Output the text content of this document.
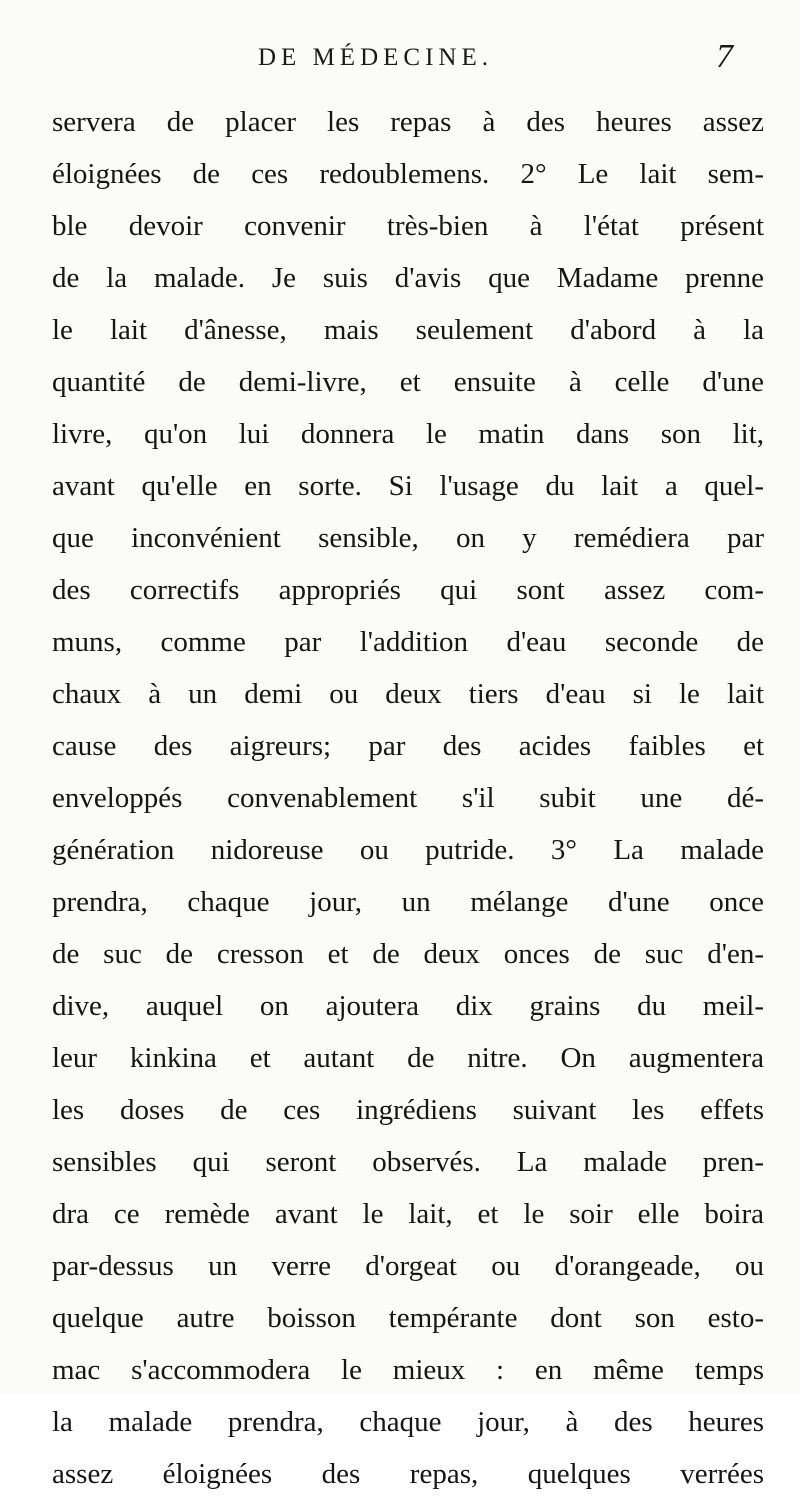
DE MÉDECINE.	7
servera de placer les repas à des heures assez
éloignées de ces redoublemens. 2° Le lait sem-
ble devoir convenir très-bien à l'état présent
de la malade. Je suis d'avis que Madame prenne
le lait d'ânesse, mais seulement d'abord à la
quantité de demi-livre, et ensuite à celle d'une
livre, qu'on lui donnera le matin dans son lit,
avant qu'elle en sorte. Si l'usage du lait a quel-
que inconvénient sensible, on y remédiera par
des correctifs appropriés qui sont assez com-
muns, comme par l'addition d'eau seconde de
chaux à un demi ou deux tiers d'eau si le lait
cause des aigreurs; par des acides faibles et
enveloppés convenablement s'il subit une dé-
génération nidoreuse ou putride. 3° La malade
prendra, chaque jour, un mélange d'une once
de suc de cresson et de deux onces de suc d'en-
dive, auquel on ajoutera dix grains du meil-
leur kinkina et autant de nitre. On augmentera
les doses de ces ingrédiens suivant les effets
sensibles qui seront observés. La malade pren-
dra ce remède avant le lait, et le soir elle boira
par-dessus un verre d'orgeat ou d'orangeade, ou
quelque autre boisson tempérante dont son esto-
mac s'accommodera le mieux : en même temps
la malade prendra, chaque jour, à des heures
assez éloignées des repas, quelques verrées
